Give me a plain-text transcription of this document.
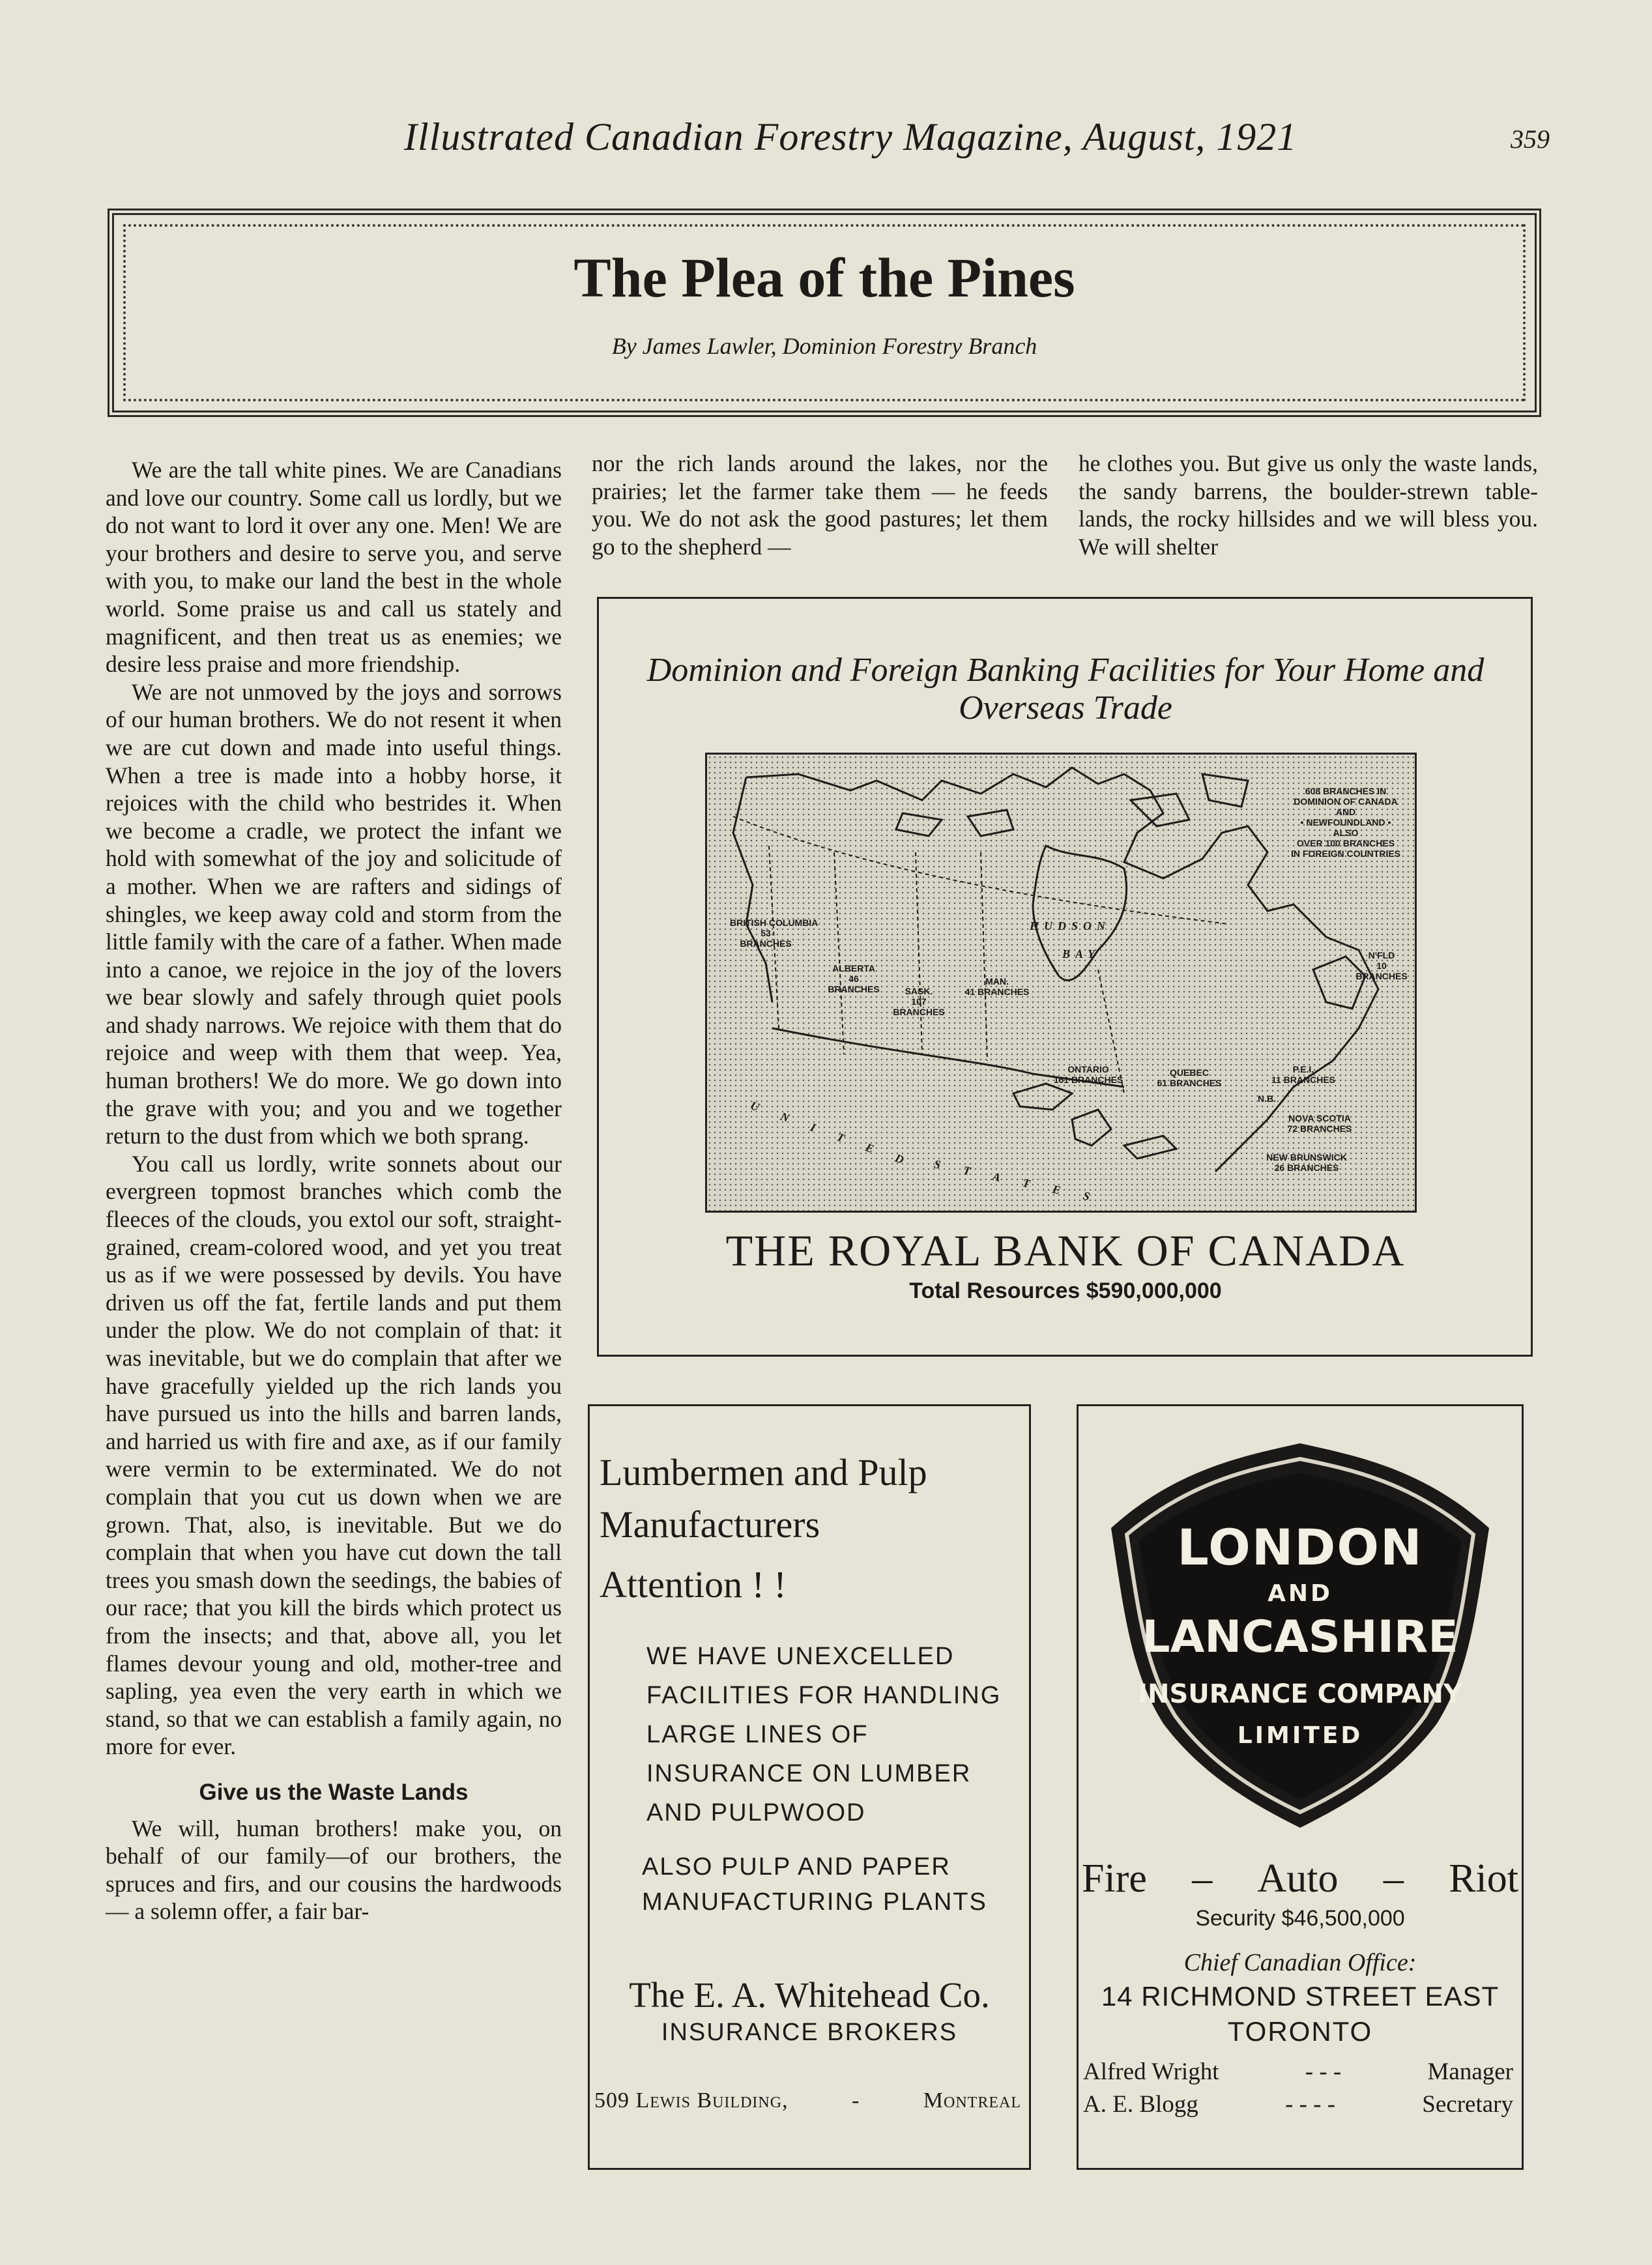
Illustrated Canadian Forestry Magazine, August, 1921	359
The Plea of the Pines
By James Lawler, Dominion Forestry Branch

We are the tall white pines. We are Canadians and love our country. Some call us lordly, but we do not want to lord it over any one. Men! We are your brothers and desire to serve you, and serve with you, to make our land the best in the whole world. Some praise us and call us stately and magnificent, and then treat us as enemies; we desire less praise and more friendship.

We are not unmoved by the joys and sorrows of our human brothers. We do not resent it when we are cut down and made into useful things. When a tree is made into a hobby horse, it rejoices with the child who bestrides it. When we become a cradle, we protect the infant we hold with somewhat of the joy and solicitude of a mother. When we are rafters and sidings of shingles, we keep away cold and storm from the little family with the care of a father. When made into a canoe, we rejoice in the joy of the lovers we bear slowly and safely through quiet pools and shady narrows. We rejoice with them that do rejoice and weep with them that weep. Yea, human brothers! We do more. We go down into the grave with you; and you and we together return to the dust from which we both sprang.

You call us lordly, write sonnets about our evergreen topmost branches which comb the fleeces of the clouds, you extol our soft, straight-grained, cream-colored wood, and yet you treat us as if we were possessed by devils. You have driven us off the fat, fertile lands and put them under the plow. We do not complain of that: it was inevitable, but we do complain that after we have gracefully yielded up the rich lands you have pursued us into the hills and barren lands, and harried us with fire and axe, as if our family were vermin to be exterminated. We do not complain that you cut us down when we are grown. That, also, is inevitable. But we do complain that when you have cut down the tall trees you smash down the seedings, the babies of our race; that you kill the birds which protect us from the insects; and that, above all, you let flames devour young and old, mother-tree and sapling, yea even the very earth in which we stand, so that we can establish a family again, no more for ever.

Give us the Waste Lands

We will, human brothers! make you, on behalf of our family—of our brothers, the spruces and firs, and our cousins the hardwoods — a solemn offer, a fair bar-

nor the rich lands around the lakes, nor the prairies; let the farmer take them — he feeds you. We do not ask the good pastures; let them go to the shepherd —

he clothes you. But give us only the waste lands, the sandy barrens, the boulder-strewn table-lands, the rocky hillsides and we will bless you. We will shelter

Dominion and Foreign Banking Facilities for Your Home and Overseas Trade
608 BRANCHES IN
DOMINION OF CANADA
AND
• NEWFOUNDLAND •
ALSO
OVER 100 BRANCHES
IN FOREIGN COUNTRIES
HUDSON
BAY
BRITISH COLUMBIA
53
BRANCHES
ALBERTA
46
BRANCHES	SASK.
107
BRANCHES
MAN.
41 BRANCHES
ONTARIO
161 BRANCHES
QUEBEC
61 BRANCHES
N'FLD
10
BRANCHES
P.E.I.
11 BRANCHES
N.B.
NOVA SCOTIA
72 BRANCHES
NEW BRUNSWICK
26 BRANCHES
UNITED
STATES
THE ROYAL BANK OF CANADA
Total Resources $590,000,000
Lumbermen and Pulp
Manufacturers
Attention ! !
WE HAVE UNEXCELLED FACILITIES FOR HANDLING LARGE LINES OF INSURANCE ON LUMBER AND PULPWOOD
ALSO PULP AND PAPER MANUFACTURING PLANTS
The E. A. Whitehead Co.
INSURANCE BROKERS
509 Lewis Building,	-	Montreal
LONDON
AND
LANCASHIRE
INSURANCE COMPANY
LIMITED
Fire – Auto – Riot
Security $46,500,000
Chief Canadian Office:
14 RICHMOND STREET EAST
TORONTO
Alfred Wright	- - -	Manager
A. E. Blogg	- - - -	Secretary
